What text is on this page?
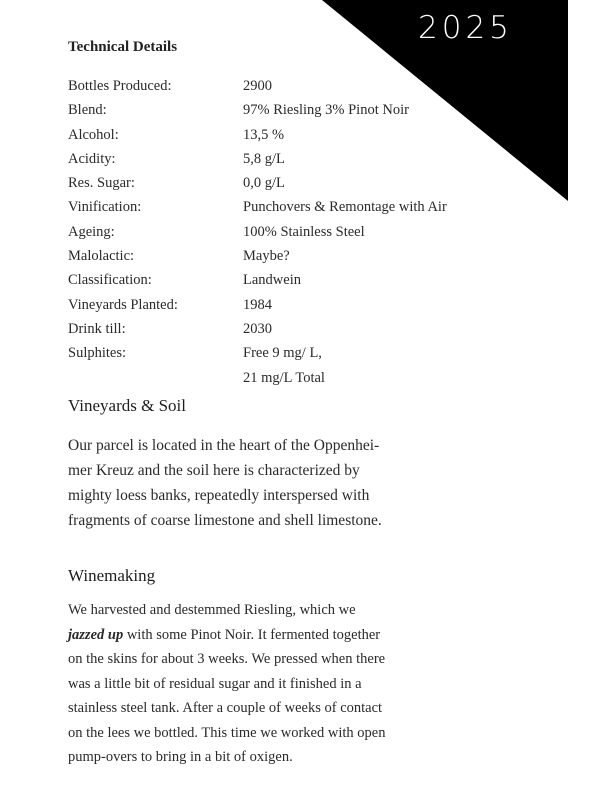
2025
Technical Details
Bottles Produced:	2900
Blend:	97% Riesling 3% Pinot Noir
Alcohol:	13,5 %
Acidity:	5,8 g/L
Res. Sugar:	0,0 g/L
Vinification:	Punchovers & Remontage with Air
Ageing:	100% Stainless Steel
Malolactic:	Maybe?
Classification:	Landwein
Vineyards Planted:	1984
Drink till:	2030
Sulphites:	Free 9 mg/ L,
21 mg/L Total
Vineyards & Soil
Our parcel is located in the heart of the Oppenhei-
mer Kreuz and the soil here is characterized by
mighty loess banks, repeatedly interspersed with
fragments of coarse limestone and shell limestone.
Winemaking
We harvested and destemmed Riesling, which we
jazzed up with some Pinot Noir. It fermented together
on the skins for about 3 weeks. We pressed when there
was a little bit of residual sugar and it finished in a
stainless steel tank. After a couple of weeks of contact
on the lees we bottled. This time we worked with open
pump-overs to bring in a bit of oxigen.
